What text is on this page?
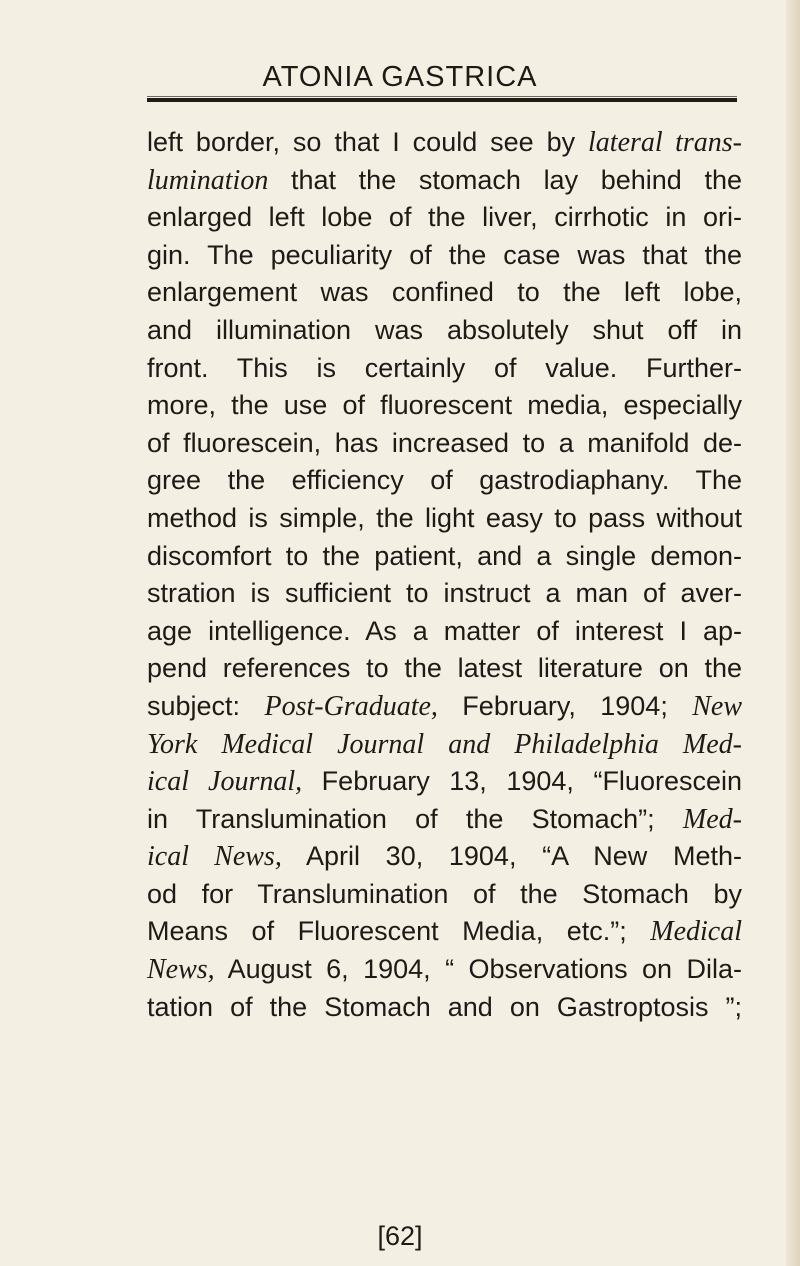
ATONIA GASTRICA
left border, so that I could see by lateral trans-
lumination that the stomach lay behind the
enlarged left lobe of the liver, cirrhotic in ori-
gin. The peculiarity of the case was that the
enlargement was confined to the left lobe,
and illumination was absolutely shut off in
front. This is certainly of value. Further-
more, the use of fluorescent media, especially
of fluorescein, has increased to a manifold de-
gree the efficiency of gastrodiaphany. The
method is simple, the light easy to pass without
discomfort to the patient, and a single demon-
stration is sufficient to instruct a man of aver-
age intelligence. As a matter of interest I ap-
pend references to the latest literature on the
subject: Post-Graduate, February, 1904; New
York Medical Journal and Philadelphia Med-
ical Journal, February 13, 1904, “Fluorescein
in Translumination of the Stomach”; Med-
ical News, April 30, 1904, “A New Meth-
od for Translumination of the Stomach by
Means of Fluorescent Media, etc.”; Medical
News, August 6, 1904, “ Observations on Dila-
tation of the Stomach and on Gastroptosis ”;
[62]
